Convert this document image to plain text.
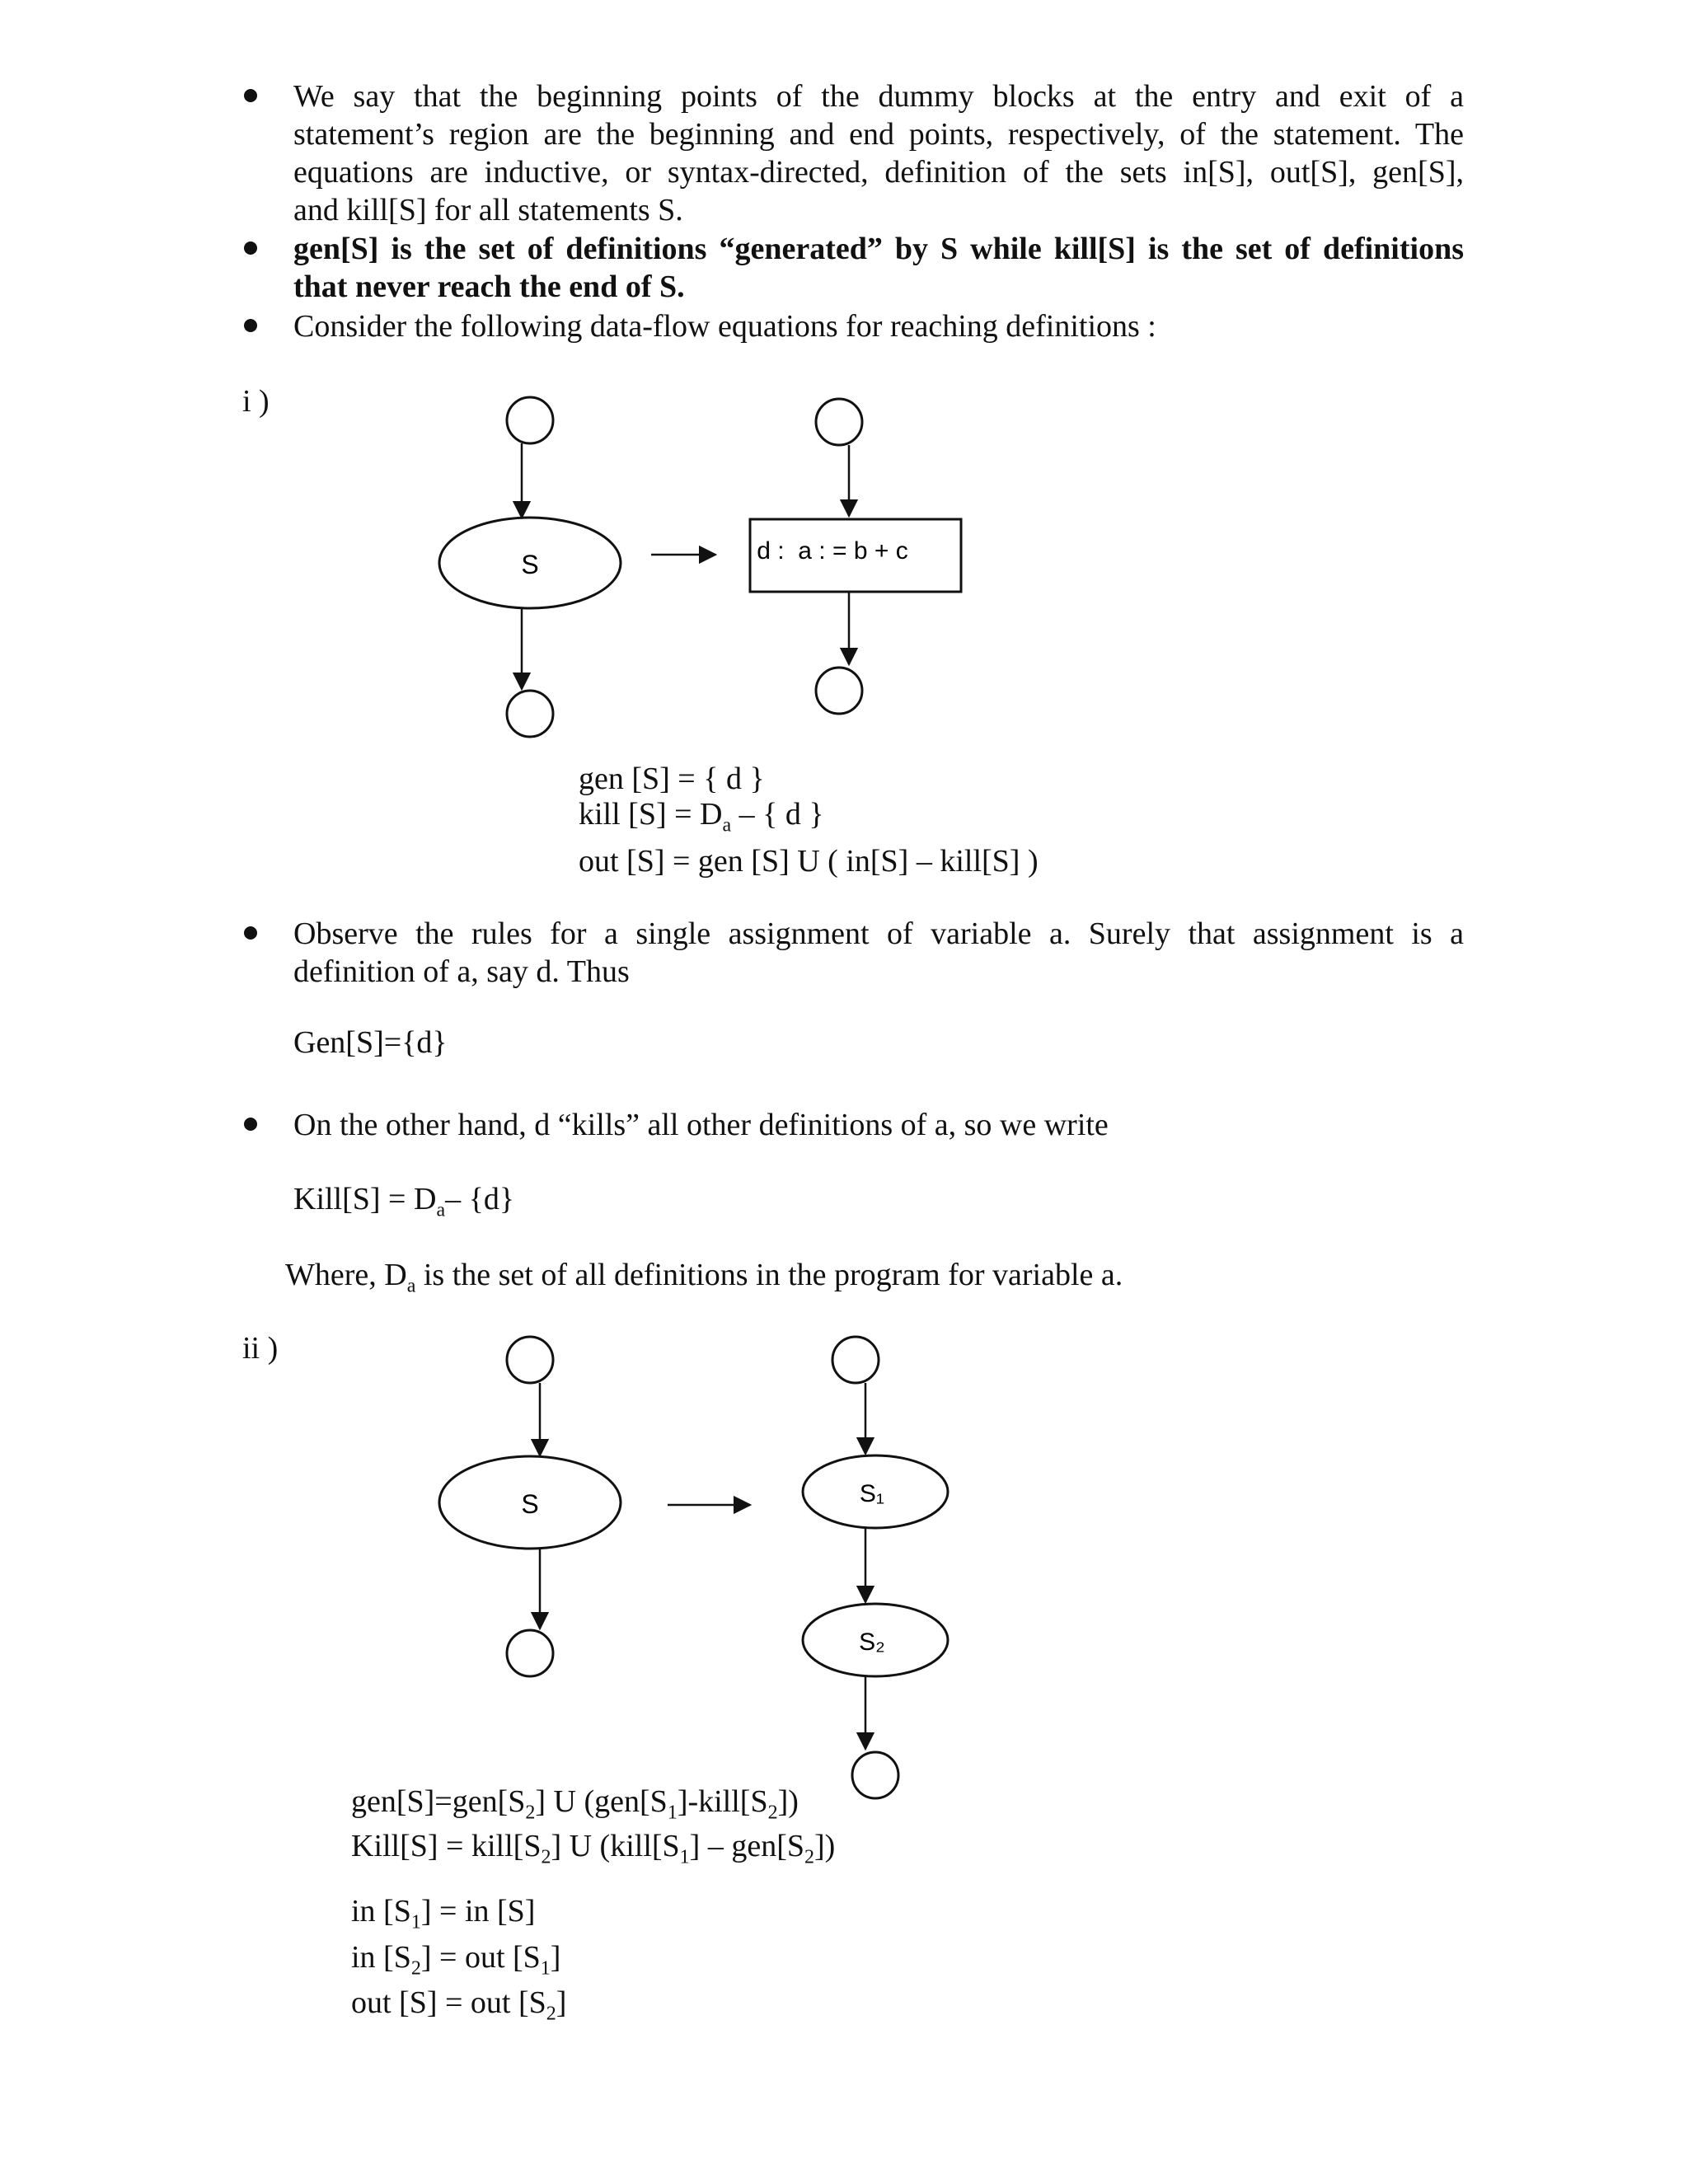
We say that the beginning points of the dummy blocks at the entry and exit of a
statement’s region are the beginning and end points, respectively, of the statement. The
equations are inductive, or syntax-directed, definition of the sets in[S], out[S], gen[S],
and kill[S] for all statements S.
gen[S] is the set of definitions “generated” by S while kill[S] is the set of definitions
that never reach the end of S.
Consider the following data-flow equations for reaching definitions :
i )
S	d :  a : = b + c
gen [S] = { d }
kill $[S] = D_a$ – { d }
out [S] = gen [S] U ( in[S] – kill[S] )
Observe the rules for a single assignment of variable a. Surely that assignment is a
definition of a, say d. Thus
Gen[S]={d}
On the other hand, d “kills” all other definitions of a, so we write
Kill[S] = $D_a-$ {d}
Where, $D_a$ is the set of all definitions in the program for variable a.
ii )
S	S₁
S₂
$gen[S]=gen[S_2]$ U $(gen[S_1]-kill[S_2])$
Kill[S] = $kill[S_2]$ U $(kill[S_1] - gen[S_2])$
in $[S_1]$ = in [S]
in $[S_2]$ = out $[S_1]$
out [S] = out $[S_2]$
